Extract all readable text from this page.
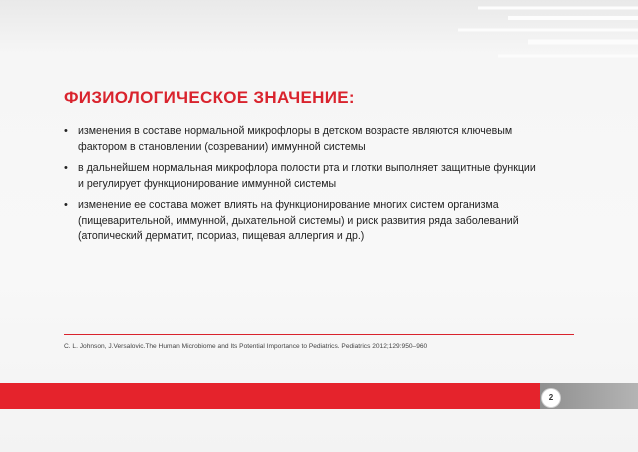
ФИЗИОЛОГИЧЕСКОЕ ЗНАЧЕНИЕ:
• изменения в составе нормальной микрофлоры в детском возрасте являются ключевым
фактором в становлении (созревании) иммунной системы
• в дальнейшем нормальная микрофлора полости рта и глотки выполняет защитные функции
и регулирует функционирование иммунной системы
• изменение ее состава может влиять на функционирование многих систем организма
(пищеварительной, иммунной, дыхательной системы) и риск развития ряда заболеваний
(атопический дерматит, псориаз, пищевая аллергия и др.)
C. L. Johnson, J.Versalovic.The Human Microbiome and Its Potential Importance to Pediatrics. Pediatrics 2012;129:950–960
2
